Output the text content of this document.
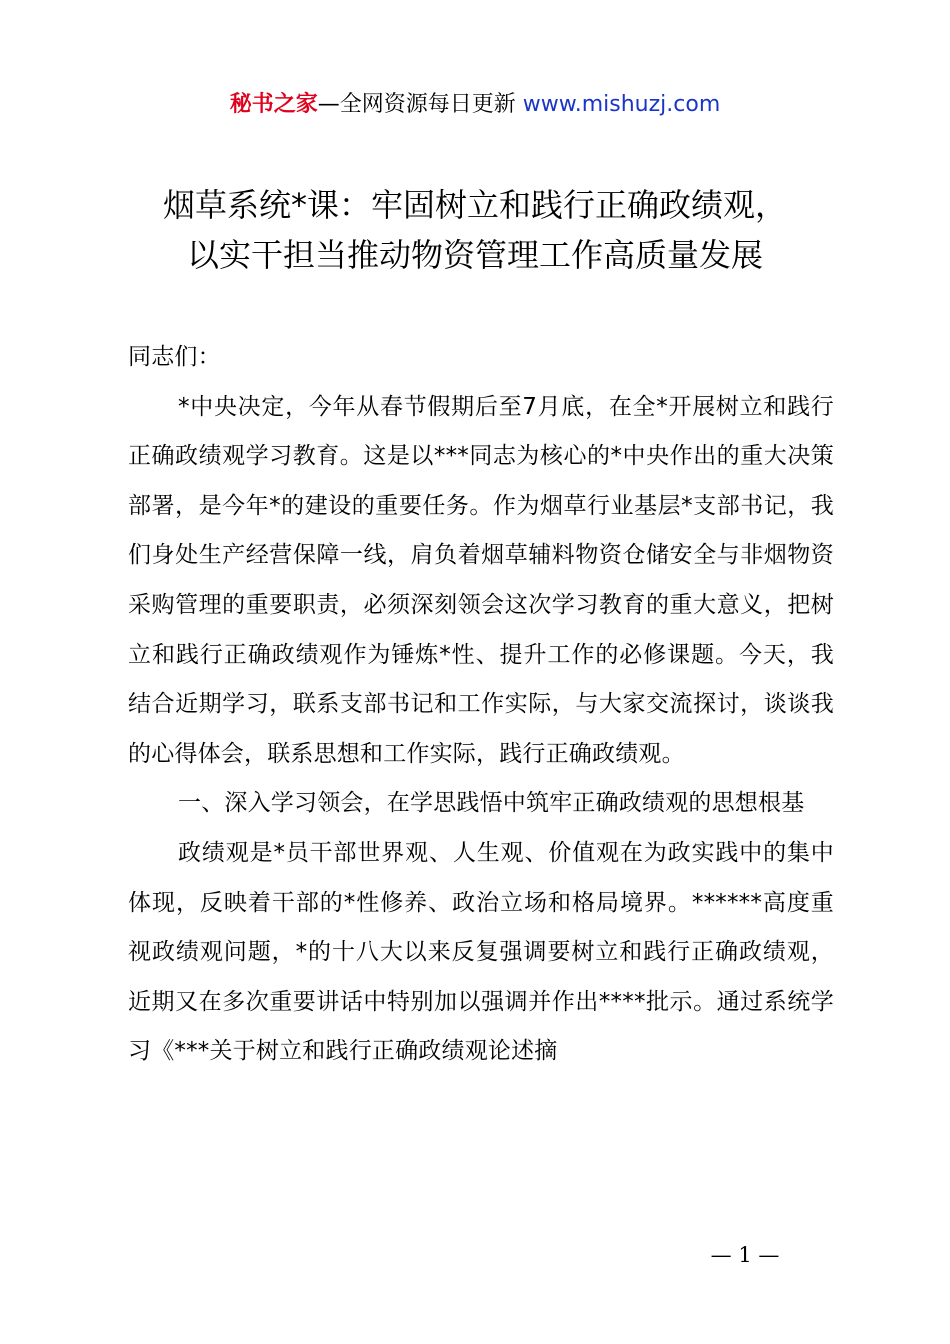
秘书之家—全网资源每日更新 www.mishuzj.com
烟草系统*课：牢固树立和践行正确政绩观，
以实干担当推动物资管理工作高质量发展

同志们：

*中央决定，今年从春节假期后至7月底，在全*开展树立和践行正确政绩观学习教育。这是以***同志为核心的*中央作出的重大决策部署，是今年*的建设的重要任务。作为烟草行业基层*支部书记，我们身处生产经营保障一线，肩负着烟草辅料物资仓储安全与非烟物资采购管理的重要职责，必须深刻领会这次学习教育的重大意义，把树立和践行正确政绩观作为锤炼*性、提升工作的必修课题。今天，我结合近期学习，联系支部书记和工作实际，与大家交流探讨，谈谈我的心得体会，联系思想和工作实际，践行正确政绩观。

一、深入学习领会，在学思践悟中筑牢正确政绩观的思想根基

政绩观是*员干部世界观、人生观、价值观在为政实践中的集中体现，反映着干部的*性修养、政治立场和格局境界。******高度重视政绩观问题，*的十八大以来反复强调要树立和践行正确政绩观，近期又在多次重要讲话中特别加以强调并作出****批示。通过系统学习《***关于树立和践行正确政绩观论述摘

— 1 —
